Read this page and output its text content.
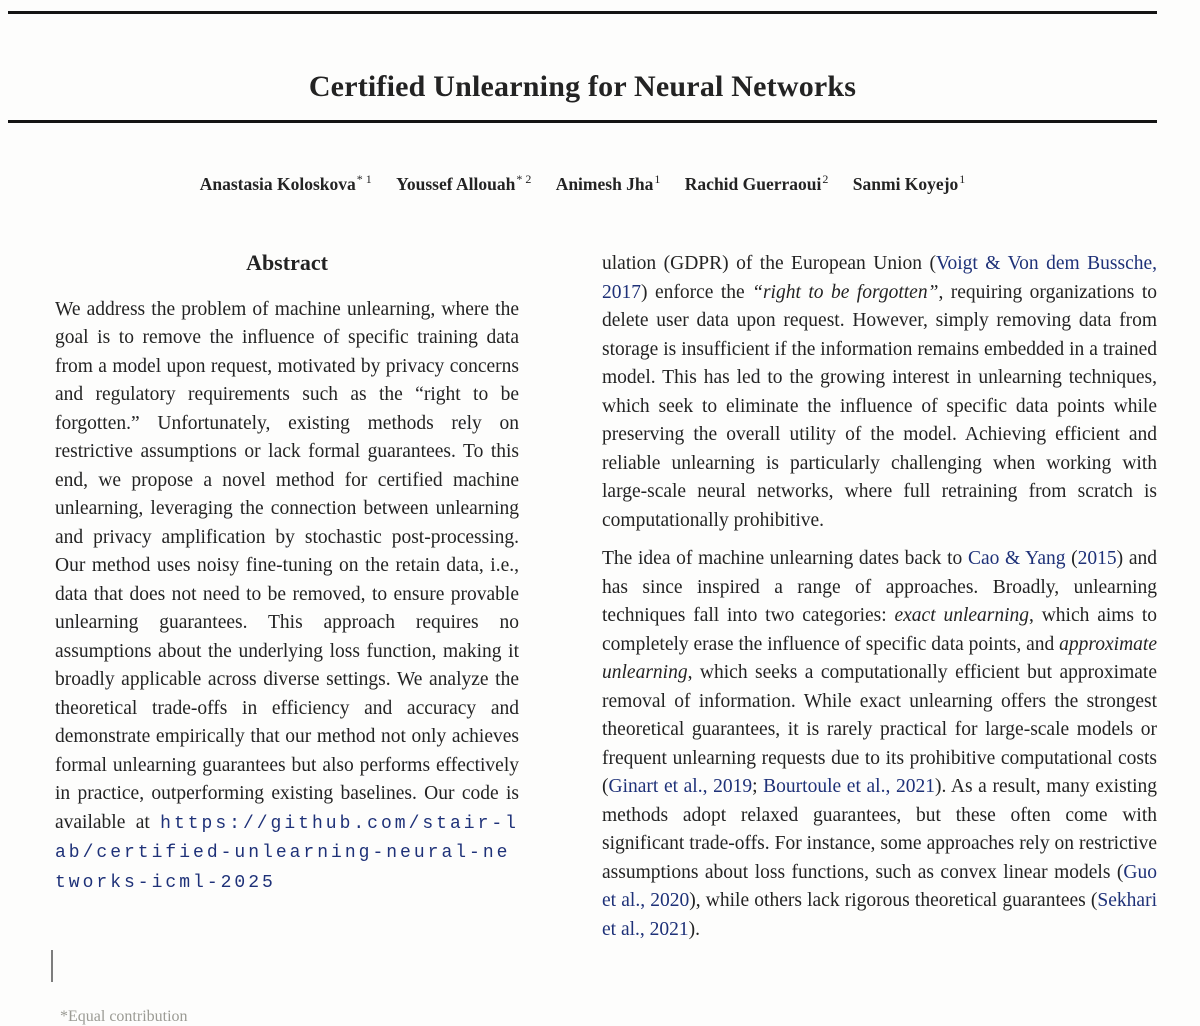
Certified Unlearning for Neural Networks
Anastasia Koloskova$^{* 1}$ Youssef Allouah$^{* 2}$ Animesh Jha$^1$ Rachid Guerraoui$^2$ Sanmi Koyejo$^1$
Abstract

We address the problem of machine unlearning, where the goal is to remove the influence of specific training data from a model upon request, motivated by privacy concerns and regulatory requirements such as the “right to be forgotten.” Unfortunately, existing methods rely on restrictive assumptions or lack formal guarantees. To this end, we propose a novel method for certified machine unlearning, leveraging the connection between unlearning and privacy amplification by stochastic post-processing. Our method uses noisy fine-tuning on the retain data, i.e., data that does not need to be removed, to ensure provable unlearning guarantees. This approach requires no assumptions about the underlying loss function, making it broadly applicable across diverse settings. We analyze the theoretical trade-offs in efficiency and accuracy and demonstrate empirically that our method not only achieves formal unlearning guarantees but also performs effectively in practice, outperforming existing baselines. Our code is available at https://github.com/stair-lab/certified-unlearning-neural-networks-icml-2025

ulation (GDPR) of the European Union (Voigt & Von dem Bussche, 2017) enforce the “right to be forgotten”, requiring organizations to delete user data upon request. However, simply removing data from storage is insufficient if the information remains embedded in a trained model. This has led to the growing interest in unlearning techniques, which seek to eliminate the influence of specific data points while preserving the overall utility of the model. Achieving efficient and reliable unlearning is particularly challenging when working with large-scale neural networks, where full retraining from scratch is computationally prohibitive.

The idea of machine unlearning dates back to Cao & Yang (2015) and has since inspired a range of approaches. Broadly, unlearning techniques fall into two categories: exact unlearning, which aims to completely erase the influence of specific data points, and approximate unlearning, which seeks a computationally efficient but approximate removal of information. While exact unlearning offers the strongest theoretical guarantees, it is rarely practical for large-scale models or frequent unlearning requests due to its prohibitive computational costs (Ginart et al., 2019; Bourtoule et al., 2021). As a result, many existing methods adopt relaxed guarantees, but these often come with significant trade-offs. For instance, some approaches rely on restrictive assumptions about loss functions, such as convex linear models (Guo et al., 2020), while others lack rigorous theoretical guarantees (Sekhari et al., 2021).

*Equal contribution
